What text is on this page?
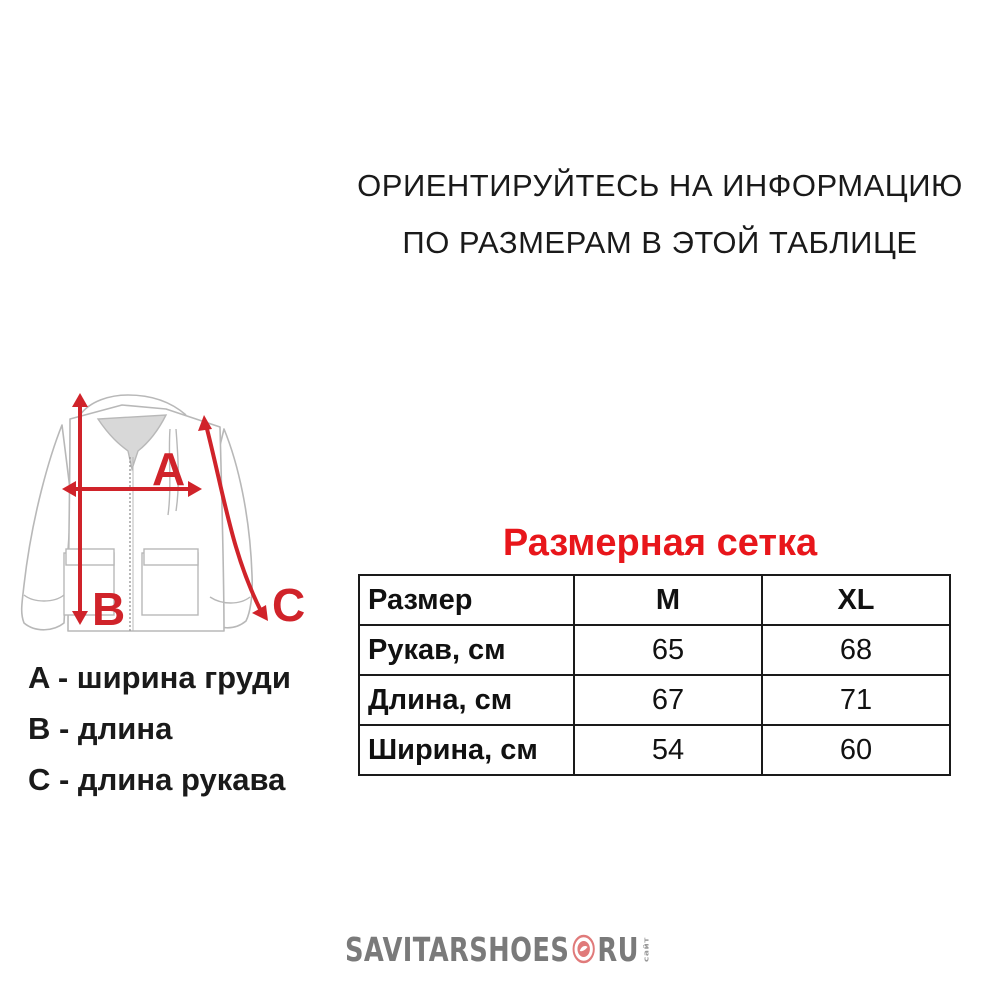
ОРИЕНТИРУЙТЕСЬ НА ИНФОРМАЦИЮ
ПО РАЗМЕРАМ В ЭТОЙ ТАБЛИЦЕ
A
B	C
A - ширина груди
B - длина
C - длина рукава
Размерная сетка
Размер	M	XL
Рукав, см	65	68
Длина, см	67	71
Ширина, см	54	60
SAVITARSHOES RU сайт
